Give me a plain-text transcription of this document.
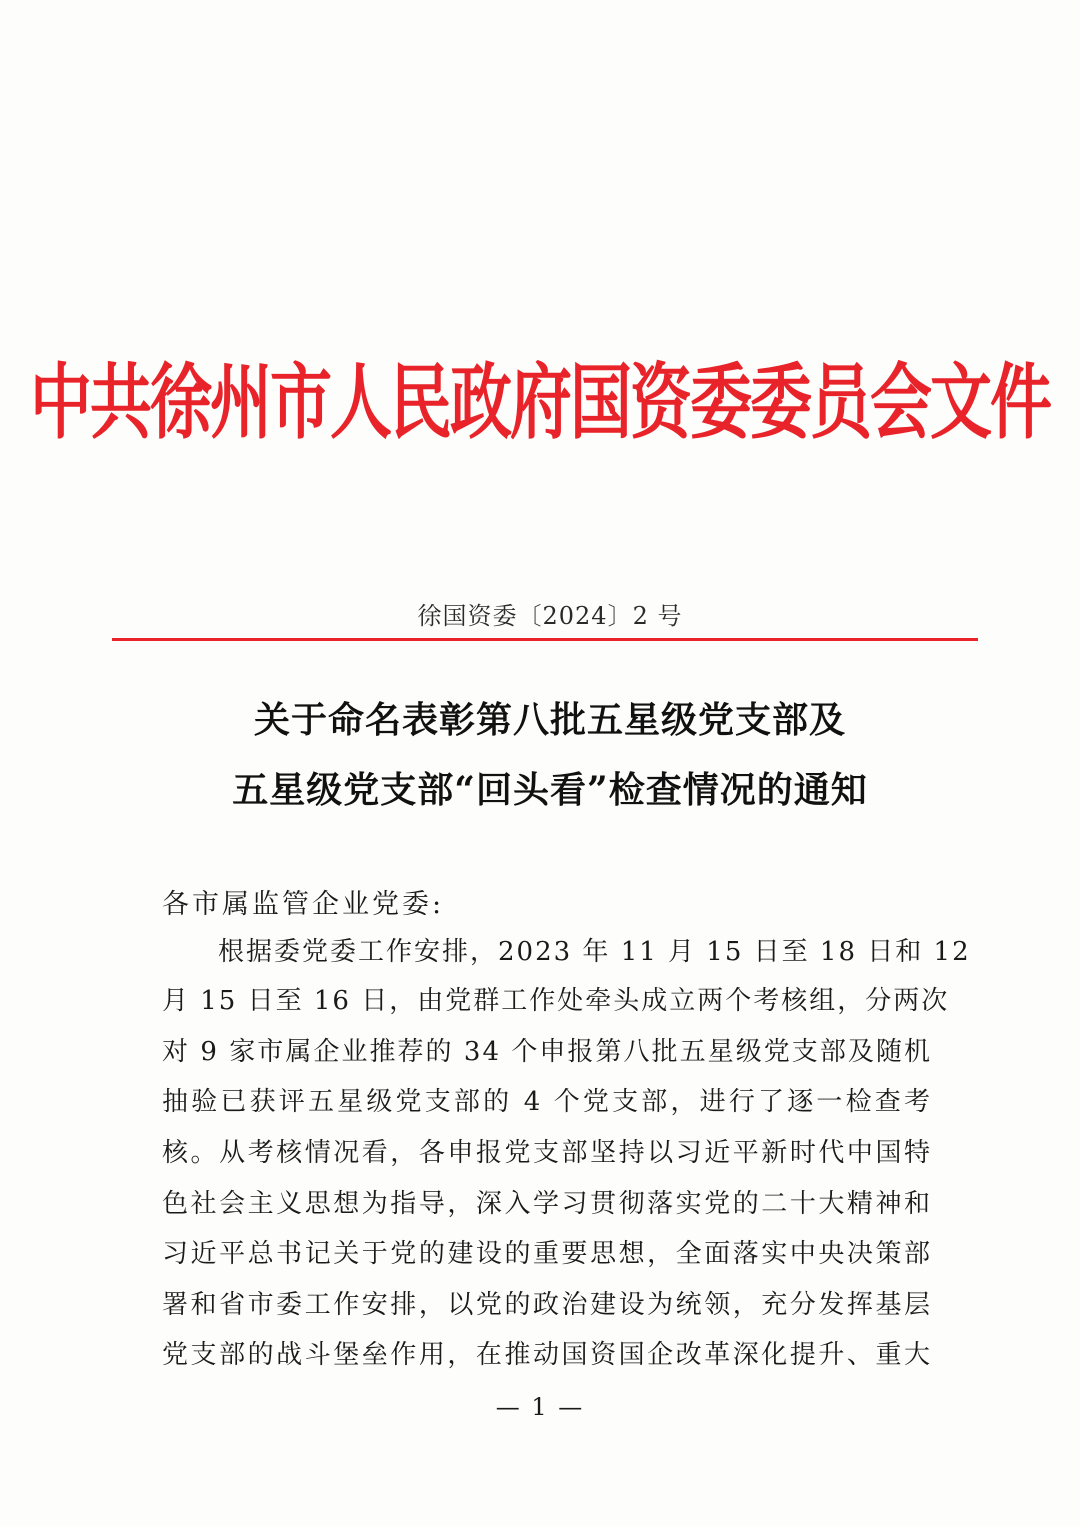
中共徐州市人民政府国资委委员会文件
徐国资委〔2024〕2 号
关于命名表彰第八批五星级党支部及
五星级党支部“回头看”检查情况的通知
各市属监管企业党委:
　　根据委党委工作安排，2023 年 11 月 15 日至 18 日和 12
月 15 日至 16 日，由党群工作处牵头成立两个考核组，分两次
对 9 家市属企业推荐的 34 个申报第八批五星级党支部及随机
抽验已获评五星级党支部的 4 个党支部，进行了逐一检查考
核。从考核情况看，各申报党支部坚持以习近平新时代中国特
色社会主义思想为指导，深入学习贯彻落实党的二十大精神和
习近平总书记关于党的建设的重要思想，全面落实中央决策部
署和省市委工作安排，以党的政治建设为统领，充分发挥基层
党支部的战斗堡垒作用，在推动国资国企改革深化提升、重大
— 1 —
